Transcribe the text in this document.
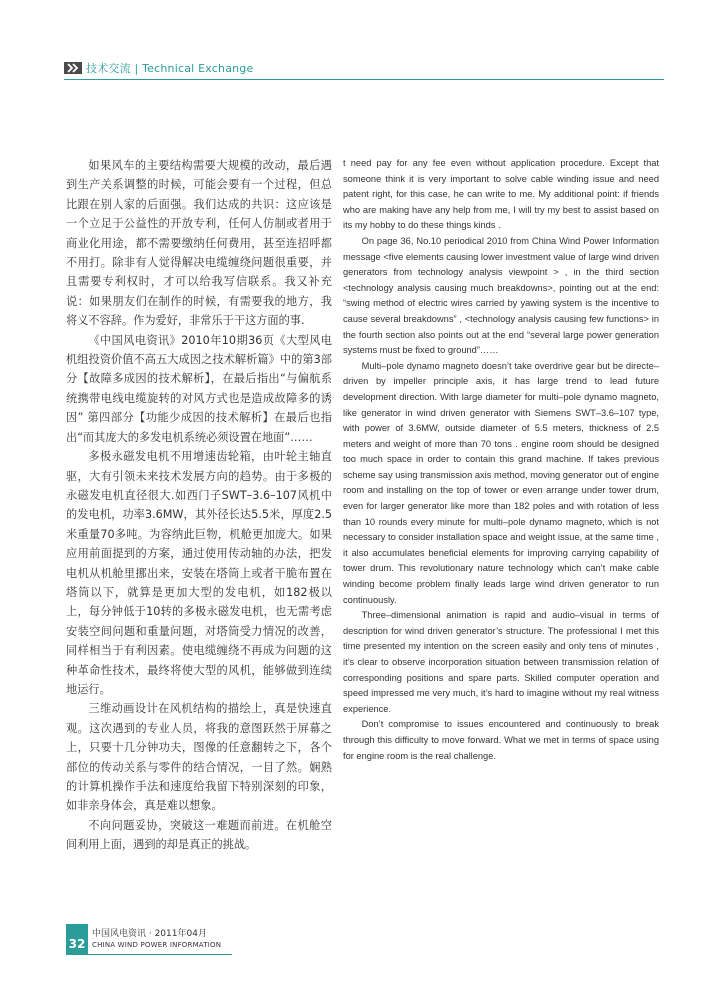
技术交流 | Technical Exchange

如果风车的主要结构需要大规模的改动，最后遇到生产关系调整的时候，可能会要有一个过程，但总比跟在别人家的后面强。我们达成的共识：这应该是一个立足于公益性的开放专利，任何人仿制或者用于商业化用途，都不需要缴纳任何费用，甚至连招呼都不用打。除非有人觉得解决电缆缠绕问题很重要，并且需要专利权时，才可以给我写信联系。我又补充说：如果朋友们在制作的时候，有需要我的地方，我将义不容辞。作为爱好，非常乐于干这方面的事.

《中国风电资讯》2010年10期36页《大型风电机组投资价值不高五大成因之技术解析篇》中的第3部分【故障多成因的技术解析】，在最后指出“与偏航系统携带电线电缆旋转的对风方式也是造成故障多的诱因” 第四部分【功能少成因的技术解析】在最后也指出“而其庞大的多发电机系统必须设置在地面”……

多极永磁发电机不用增速齿轮箱，由叶轮主轴直驱，大有引领未来技术发展方向的趋势。由于多极的永磁发电机直径很大.如西门子SWT–3.6–107风机中的发电机，功率3.6MW，其外径长达5.5米，厚度2.5米重量70多吨。为容纳此巨物，机舱更加庞大。如果应用前面提到的方案，通过使用传动轴的办法，把发电机从机舱里挪出来，安装在塔筒上或者干脆布置在塔筒以下，就算是更加大型的发电机，如182极以上，每分钟低于10转的多极永磁发电机，也无需考虑安装空间问题和重量问题，对塔筒受力情况的改善，同样相当于有利因素。使电缆缠绕不再成为问题的这种革命性技术，最终将使大型的风机，能够做到连续地运行。

三维动画设计在风机结构的描绘上，真是快速直观。这次遇到的专业人员，将我的意图跃然于屏幕之上，只要十几分钟功夫，图像的任意翻转之下，各个部位的传动关系与零件的结合情况，一目了然。娴熟的计算机操作手法和速度给我留下特别深刻的印象，如非亲身体会，真是难以想象。

不向问题妥协，突破这一难题而前进。在机舱空间利用上面，遇到的却是真正的挑战。

t need pay for any fee even without application procedure. Except that someone think it is very important to solve cable winding issue and need patent right, for this case, he can write to me. My additional point: if friends who are making have any help from me, I will try my best to assist based on its my hobby to do these things kinds .

On page 36, No.10 periodical 2010 from China Wind Power Information message <five elements causing lower investment value of large wind driven generators from technology analysis viewpoint > , in the third section <technology analysis causing much breakdowns>, pointing out at the end: “swing method of electric wires carried by yawing system is the incentive to cause several breakdowns” , <technology analysis causing few functions> in the fourth section also points out at the end “several large power generation systems must be fixed to ground”……

Multi–pole dynamo magneto doesn’t take overdrive gear but be directe–driven by impeller principle axis, it has large trend to lead future development direction. With large diameter for multi–pole dynamo magneto, like generator in wind driven generator with Siemens SWT–3.6–107 type, with power of 3.6MW, outside diameter of 5.5 meters, thickness of 2.5 meters and weight of more than 70 tons . engine room should be designed too much space in order to contain this grand machine. If takes previous scheme say using transmission axis method, moving generator out of engine room and installing on the top of tower or even arrange under tower drum, even for larger generator like more than 182 poles and with rotation of less than 10 rounds every minute for multi–pole dynamo magneto, which is not necessary to consider installation space and weight issue, at the same time , it also accumulates beneficial elements for improving carrying capability of tower drum. This revolutionary nature technology which can’t make cable winding become problem finally leads large wind driven generator to run continuously.

Three–dimensional animation is rapid and audio–visual in terms of description for wind driven generator’s structure. The professional I met this time presented my intention on the screen easily and only tens of minutes , it’s clear to observe incorporation situation between transmission relation of corresponding positions and spare parts. Skilled computer operation and speed impressed me very much, it’s hard to imagine without my real witness experience.

Don’t compromise to issues encountered and continuously to break through this difficulty to move forward. What we met in terms of space using for engine room is the real challenge.

32
中国风电资讯 · 2011年04月
CHINA WIND POWER INFORMATION
